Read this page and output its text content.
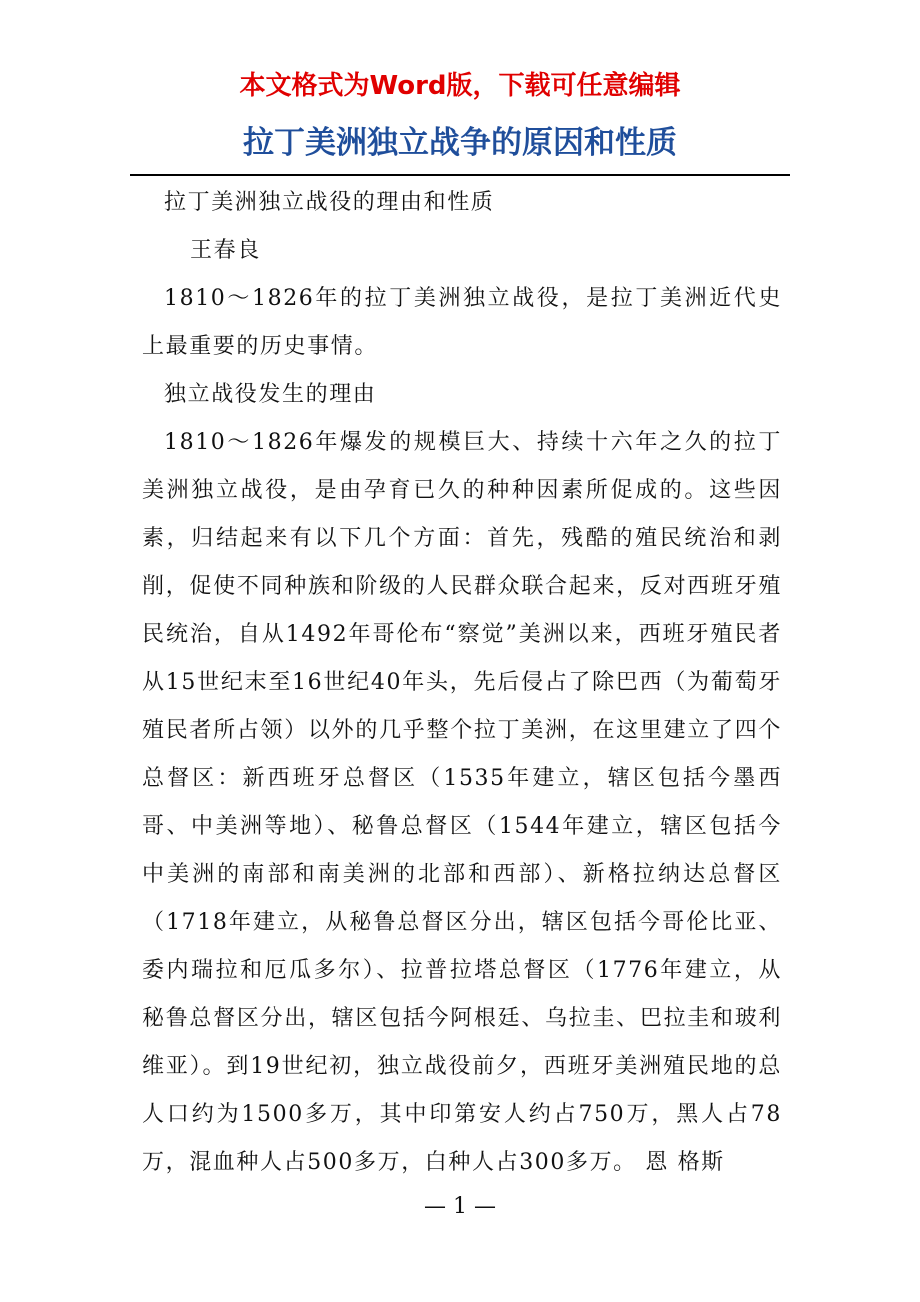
本文格式为Word版，下载可任意编辑
拉丁美洲独立战争的原因和性质

拉丁美洲独立战役的理由和性质

王春良

1810～1826年的拉丁美洲独立战役，是拉丁美洲近代史上最重要的历史事情。

独立战役发生的理由

1810～1826年爆发的规模巨大、持续十六年之久的拉丁美洲独立战役，是由孕育已久的种种因素所促成的。这些因素，归结起来有以下几个方面：首先，残酷的殖民统治和剥削，促使不同种族和阶级的人民群众联合起来，反对西班牙殖民统治，自从1492年哥伦布“察觉”美洲以来，西班牙殖民者从15世纪末至16世纪40年头，先后侵占了除巴西（为葡萄牙殖民者所占领）以外的几乎整个拉丁美洲，在这里建立了四个总督区：新西班牙总督区（1535年建立，辖区包括今墨西哥、中美洲等地）、秘鲁总督区（1544年建立，辖区包括今中美洲的南部和南美洲的北部和西部）、新格拉纳达总督区（1718年建立，从秘鲁总督区分出，辖区包括今哥伦比亚、委内瑞拉和厄瓜多尔）、拉普拉塔总督区（1776年建立，从秘鲁总督区分出，辖区包括今阿根廷、乌拉圭、巴拉圭和玻利维亚）。到19世纪初，独立战役前夕，西班牙美洲殖民地的总人口约为1500多万，其中印第安人约占750万，黑人占78万，混血种人占500多万，白种人占300多万。 恩 格斯

— 1 —
